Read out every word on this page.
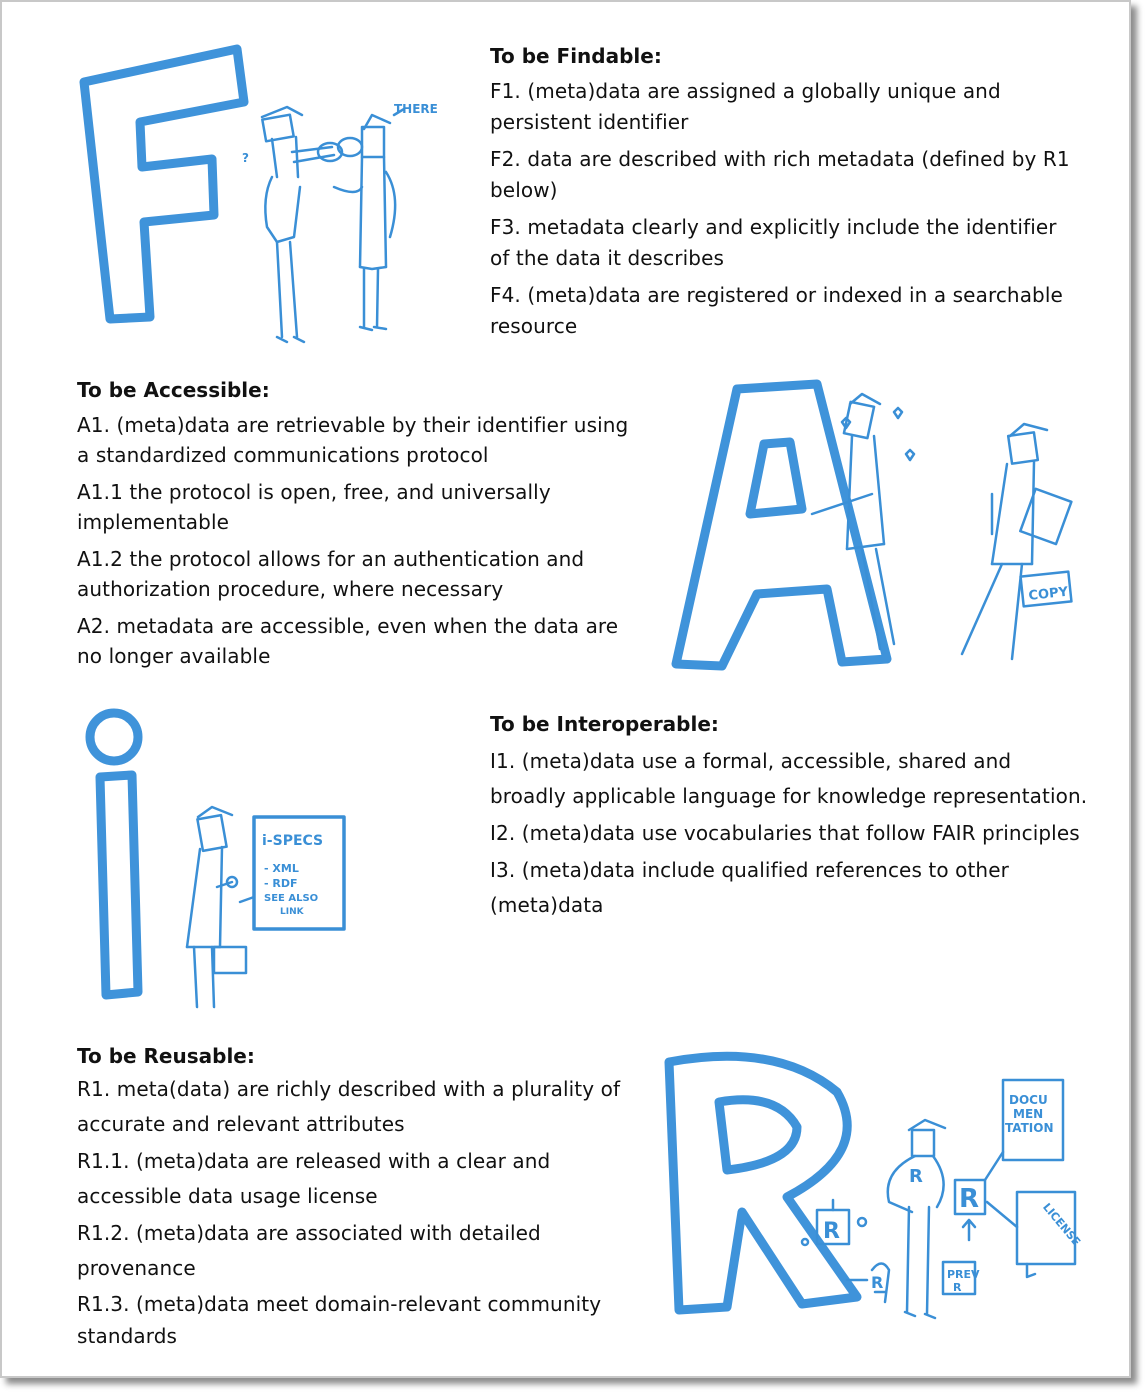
THERE
?
To be Findable:
F1. (meta)data are assigned a globally unique and persistent identifier
F2. data are described with rich metadata (defined by R1 below)
F3. metadata clearly and explicitly include the identifier of the data it describes
F4. (meta)data are registered or indexed in a searchable resource
To be Accessible:
A1. (meta)data are retrievable by their identifier using a standardized communications protocol
A1.1 the protocol is open, free, and universally implementable
A1.2 the protocol allows for an authentication and authorization procedure, where necessary
A2. metadata are accessible, even when the data are no longer available
COPY
i-SPECS
- XML
- RDF
SEE ALSO
LINK
To be Interoperable:
I1. (meta)data use a formal, accessible, shared and broadly applicable language for knowledge representation.
I2. (meta)data use vocabularies that follow FAIR principles
I3. (meta)data include qualified references to other (meta)data
To be Reusable:
R1. meta(data) are richly described with a plurality of accurate and relevant attributes
R1.1. (meta)data are released with a clear and accessible data usage license
R1.2. (meta)data are associated with detailed provenance
R1.3. (meta)data meet domain-relevant community standards
DOCU
MEN
TATION
LICENSE
PREV
R
R
R
R
R
